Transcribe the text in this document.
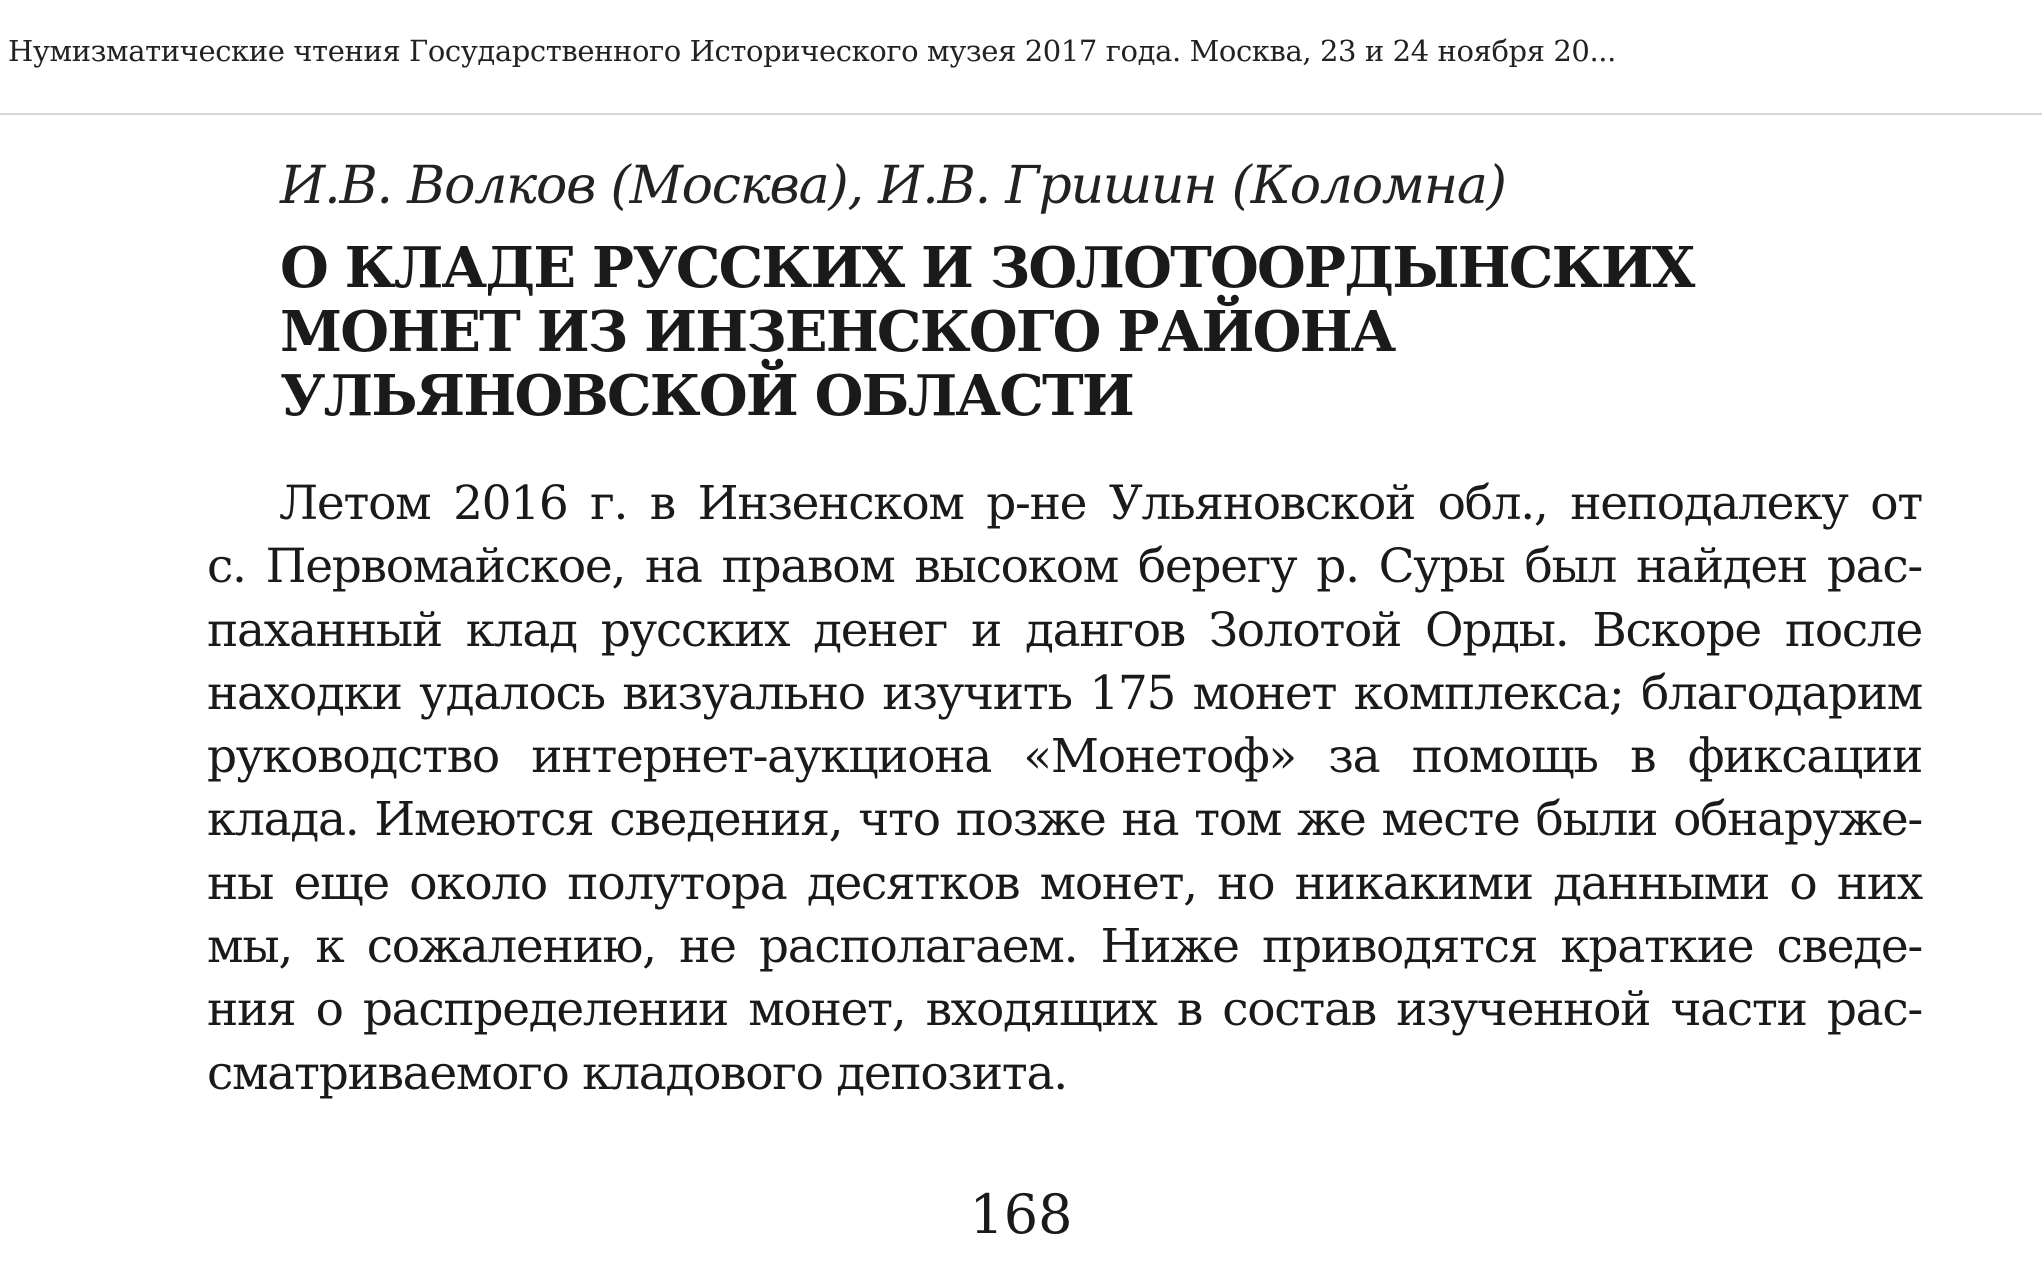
Нумизматические чтения Государственного Исторического музея 2017 года. Москва, 23 и 24 ноября 20...
И.В. Волков (Москва), И.В. Гришин (Коломна)
О КЛАДЕ РУССКИХ И ЗОЛОТООРДЫНСКИХ
МОНЕТ ИЗ ИНЗЕНСКОГО РАЙОНА
УЛЬЯНОВСКОЙ ОБЛАСТИ
Летом 2016 г. в Инзенском р-не Ульяновской обл., неподалеку от
с. Первомайское, на правом высоком берегу р. Суры был найден рас-
паханный клад русских денег и дангов Золотой Орды. Вскоре после
находки удалось визуально изучить 175 монет комплекса; благодарим
руководство интернет-аукциона «Монетоф» за помощь в фиксации
клада. Имеются сведения, что позже на том же месте были обнаруже-
ны еще около полутора десятков монет, но никакими данными о них
мы, к сожалению, не располагаем. Ниже приводятся краткие сведе-
ния о распределении монет, входящих в состав изученной части рас-
сматриваемого кладового депозита.
168
